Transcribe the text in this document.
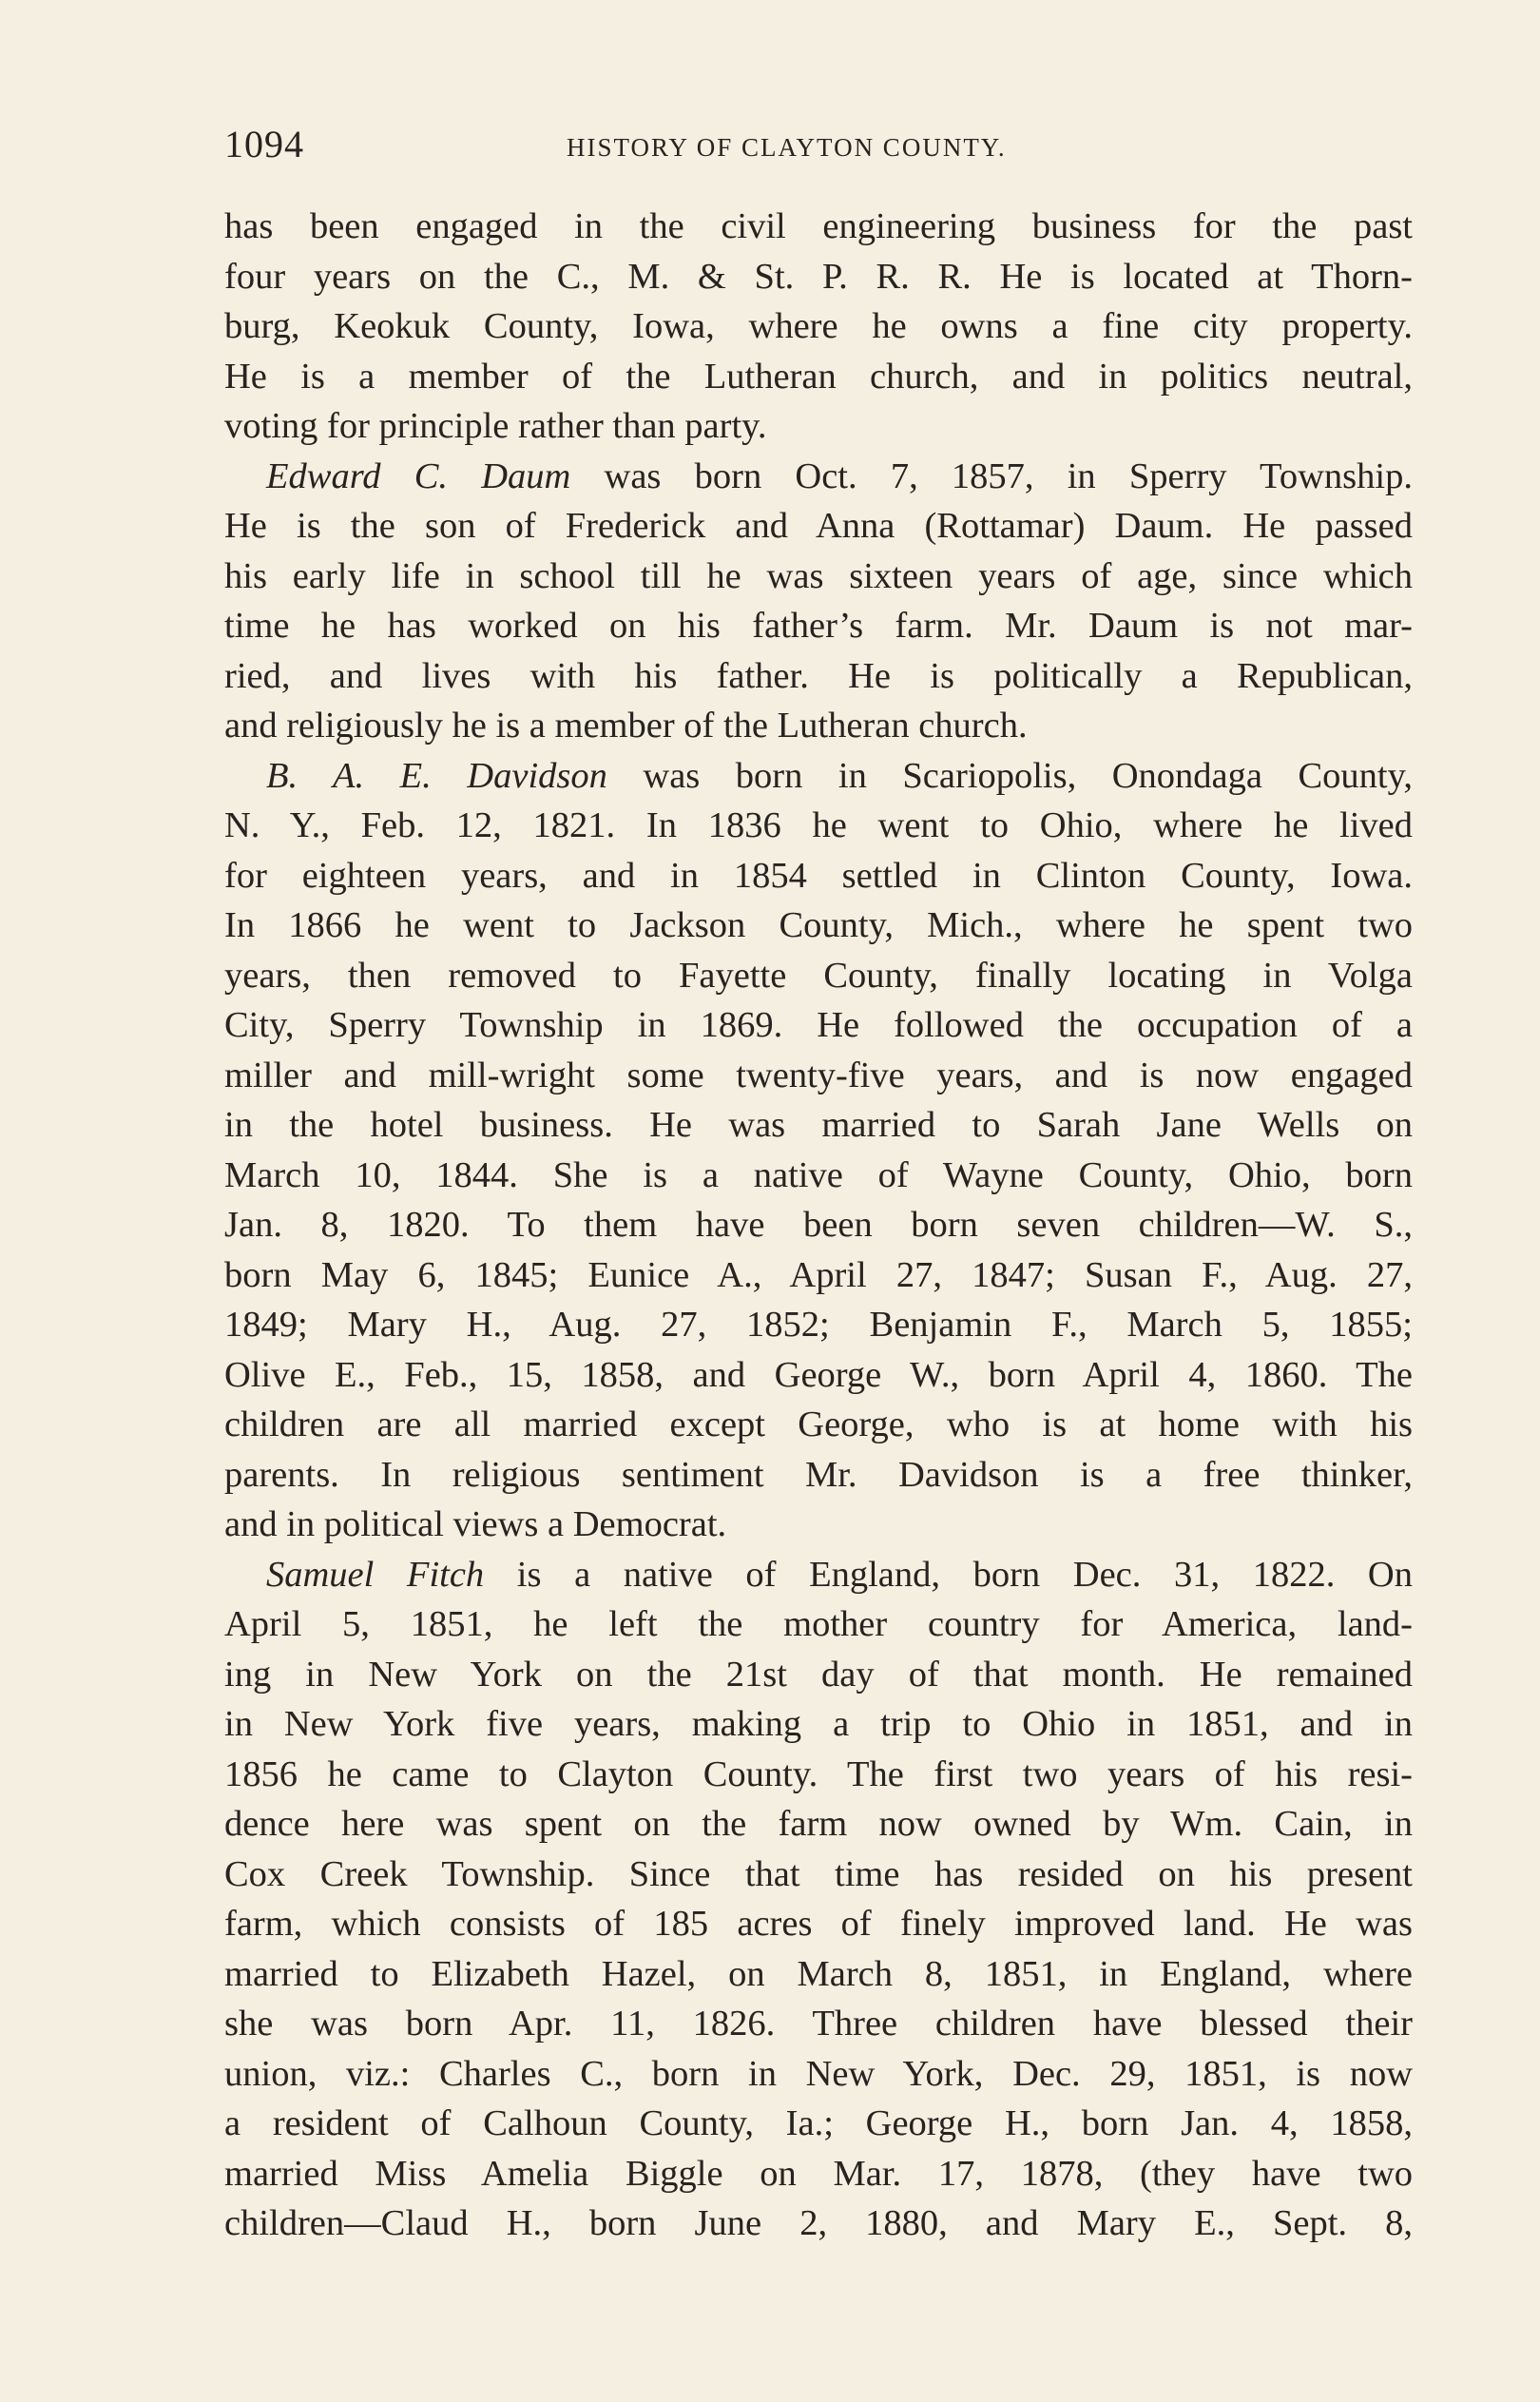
1094	HISTORY OF CLAYTON COUNTY.
has been engaged in the civil engineering business for the past
four years on the C., M. & St. P. R. R. He is located at Thorn-
burg, Keokuk County, Iowa, where he owns a fine city property.
He is a member of the Lutheran church, and in politics neutral,
voting for principle rather than party.
Edward C. Daum was born Oct. 7, 1857, in Sperry Township.
He is the son of Frederick and Anna (Rottamar) Daum. He passed
his early life in school till he was sixteen years of age, since which
time he has worked on his father’s farm. Mr. Daum is not mar-
ried, and lives with his father. He is politically a Republican,
and religiously he is a member of the Lutheran church.
B. A. E. Davidson was born in Scariopolis, Onondaga County,
N. Y., Feb. 12, 1821. In 1836 he went to Ohio, where he lived
for eighteen years, and in 1854 settled in Clinton County, Iowa.
In 1866 he went to Jackson County, Mich., where he spent two
years, then removed to Fayette County, finally locating in Volga
City, Sperry Township in 1869. He followed the occupation of a
miller and mill-wright some twenty-five years, and is now engaged
in the hotel business. He was married to Sarah Jane Wells on
March 10, 1844. She is a native of Wayne County, Ohio, born
Jan. 8, 1820. To them have been born seven children—W. S.,
born May 6, 1845; Eunice A., April 27, 1847; Susan F., Aug. 27,
1849; Mary H., Aug. 27, 1852; Benjamin F., March 5, 1855;
Olive E., Feb., 15, 1858, and George W., born April 4, 1860. The
children are all married except George, who is at home with his
parents. In religious sentiment Mr. Davidson is a free thinker,
and in political views a Democrat.
Samuel Fitch is a native of England, born Dec. 31, 1822. On
April 5, 1851, he left the mother country for America, land-
ing in New York on the 21st day of that month. He remained
in New York five years, making a trip to Ohio in 1851, and in
1856 he came to Clayton County. The first two years of his resi-
dence here was spent on the farm now owned by Wm. Cain, in
Cox Creek Township. Since that time has resided on his present
farm, which consists of 185 acres of finely improved land. He was
married to Elizabeth Hazel, on March 8, 1851, in England, where
she was born Apr. 11, 1826. Three children have blessed their
union, viz.: Charles C., born in New York, Dec. 29, 1851, is now
a resident of Calhoun County, Ia.; George H., born Jan. 4, 1858,
married Miss Amelia Biggle on Mar. 17, 1878, (they have two
children—Claud H., born June 2, 1880, and Mary E., Sept. 8,
